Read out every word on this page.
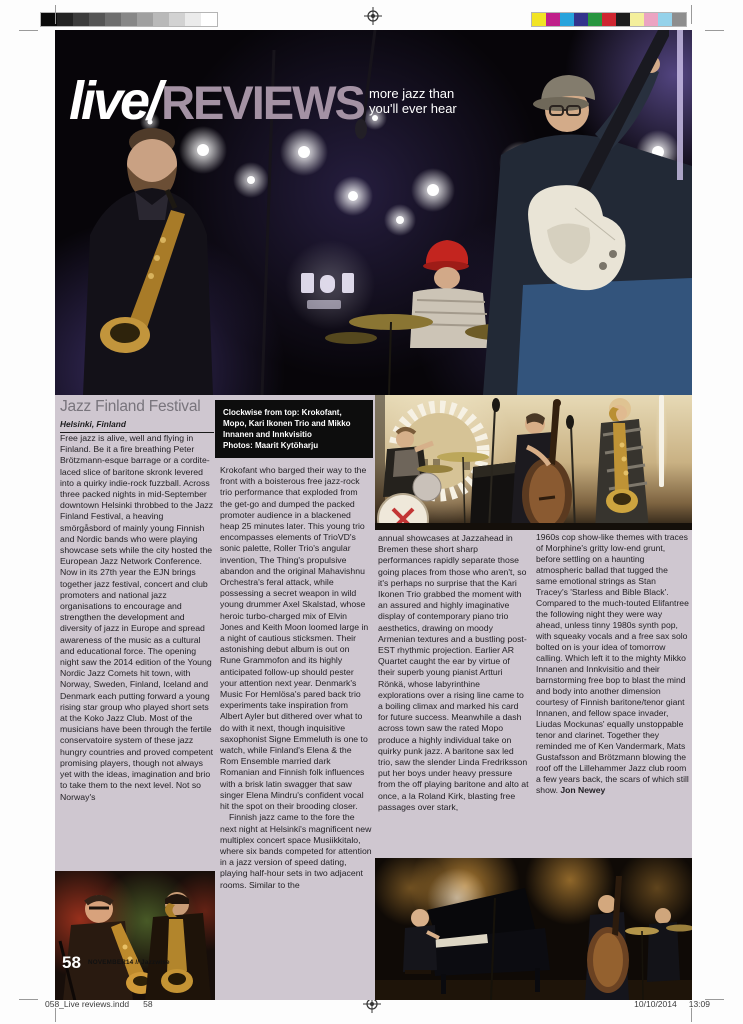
live/REVIEWS more jazz than
you'll ever hear
Clockwise from top: Krokofant, Mopo, Kari Ikonen Trio and Mikko Innanen and Innkvisitio
Photos: Maarit Kytöharju
Jazz Finland Festival
Helsinki, Finland

Free jazz is alive, well and flying in Finland. Be it a fire breathing Peter Brötzmann-esque barrage or a cordite-laced slice of baritone skronk levered into a quirky indie-rock fuzzball. Across three packed nights in mid-September downtown Helsinki throbbed to the Jazz Finland Festival, a heaving smörgåsbord of mainly young Finnish and Nordic bands who were playing showcase sets while the city hosted the European Jazz Network Conference. Now in its 27th year the EJN brings together jazz festival, concert and club promoters and national jazz organisations to encourage and strengthen the development and diversity of jazz in Europe and spread awareness of the music as a cultural and educational force. The opening night saw the 2014 edition of the Young Nordic Jazz Comets hit town, with Norway, Sweden, Finland, Iceland and Denmark each putting forward a young rising star group who played short sets at the Koko Jazz Club. Most of the musicians have been through the fertile conservatoire system of these jazz hungry countries and proved competent promising players, though not always yet with the ideas, imagination and brio to take them to the next level. Not so Norway's

Krokofant who barged their way to the front with a boisterous free jazz-rock trio performance that exploded from the get-go and dumped the packed promoter audience in a blackened heap 25 minutes later. This young trio encompasses elements of TrioVD's sonic palette, Roller Trio's angular invention, The Thing's propulsive abandon and the original Mahavishnu Orchestra's feral attack, while possessing a secret weapon in wild young drummer Axel Skalstad, whose heroic turbo-charged mix of Elvin Jones and Keith Moon loomed large in a night of cautious sticksmen. Their astonishing debut album is out on Rune Grammofon and its highly anticipated follow-up should pester your attention next year. Denmark's Music For Hemlösa's pared back trio experiments take inspiration from Albert Ayler but dithered over what to do with it next, though inquisitive saxophonist Signe Emmeluth is one to watch, while Finland's Elena & the Rom Ensemble married dark Romanian and Finnish folk influences with a brisk latin swagger that saw singer Elena Mindru's confident vocal hit the spot on their brooding closer.

Finnish jazz came to the fore the next night at Helsinki's magnificent new multiplex concert space Musiikkitalo, where six bands competed for attention in a jazz version of speed dating, playing half-hour sets in two adjacent rooms. Similar to the

annual showcases at Jazzahead in Bremen these short sharp performances rapidly separate those going places from those who aren't, so it's perhaps no surprise that the Kari Ikonen Trio grabbed the moment with an assured and highly imaginative display of contemporary piano trio aesthetics, drawing on moody Armenian textures and a bustling post-EST rhythmic projection. Earlier AR Quartet caught the ear by virtue of their superb young pianist Artturi Rönkä, whose labyrinthine explorations over a rising line came to a boiling climax and marked his card for future success. Meanwhile a dash across town saw the rated Mopo produce a highly individual take on quirky punk jazz. A baritone sax led trio, saw the slender Linda Fredriksson put her boys under heavy pressure from the off playing baritone and alto at once, a la Roland Kirk, blasting free passages over stark,

1960s cop show-like themes with traces of Morphine's gritty low-end grunt, before settling on a haunting atmospheric ballad that tugged the same emotional strings as Stan Tracey's 'Starless and Bible Black'. Compared to the much-touted Elifantree the following night they were way ahead, unless tinny 1980s synth pop, with squeaky vocals and a free sax solo bolted on is your idea of tomorrow calling. Which left it to the mighty Mikko Innanen and Innkvisitio and their barnstorming free bop to blast the mind and body into another dimension courtesy of Finnish baritone/tenor giant Innanen, and fellow space invader, Liudas Mockunas' equally unstoppable tenor and clarinet. Together they reminded me of Ken Vandermark, Mats Gustafsson and Brötzmann blowing the roof off the Lillehammer Jazz club room a few years back, the scars of which still show. Jon Newey

58 NOVEMBER14 // Jazzwise
058_Live reviews.indd 58	10/10/2014 13:09
